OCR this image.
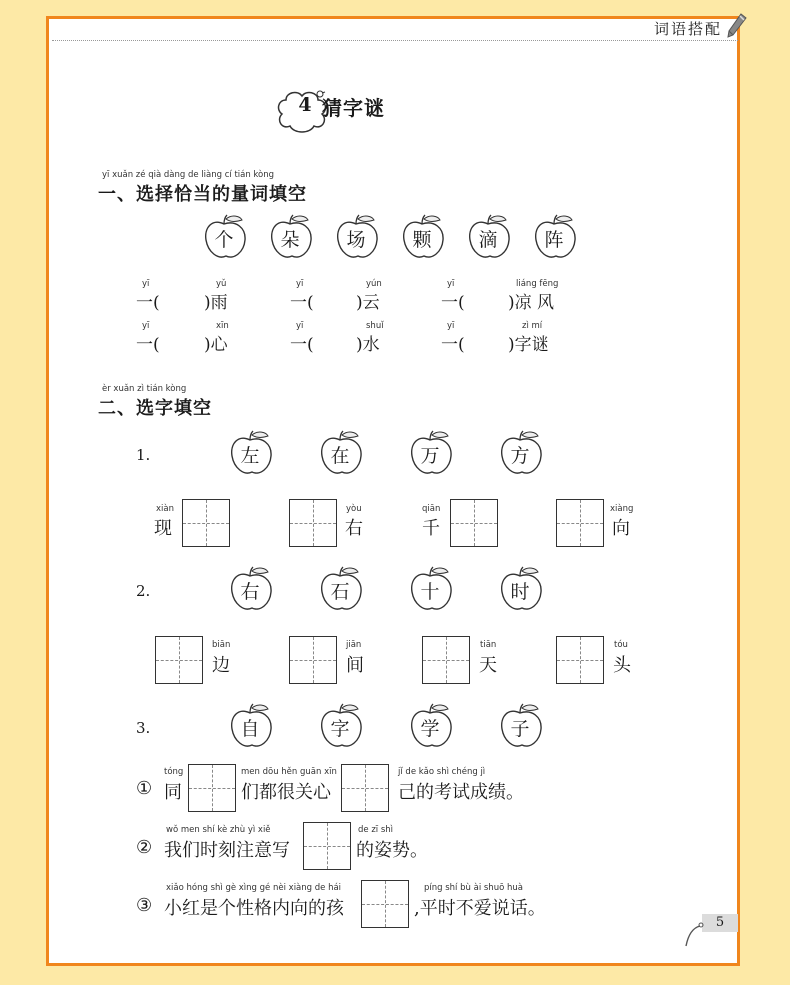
词语搭配
4 猜字谜
yī xuǎn zé qià dàng de liàng cí tián kòng
一、选择恰当的量词填空
个	朵	场	颗	滴	阵
yī	yǔ
一(	)雨
yī	yún
一( )云
yī	liáng fēng
一(	)凉 风
yī	xīn
一(	)心
yī	shuǐ
一( )水
yī	zì mí
一(	)字谜
èr xuǎn zì tián kòng
二、选字填空
1.	左	在	万	方
xiàn
现
yòu
右
qiān
千
xiàng
向
2.	右	石	十	时
biān
边
jiān
间
tiān
天
tóu
头
3.	自	字	学	子
①
tóng
同
men dōu hěn guān xīn
们都很关心
jǐ de kǎo shì chéng jì
己的考试成绩。
②
wǒ men shí kè zhù yì xiě
我们时刻注意写
de zī shì
的姿势。
③
xiǎo hóng shì gè xìng gé nèi xiàng de hái
小红是个性格内向的孩
píng shí bù ài shuō huà
,平时不爱说话。
5
